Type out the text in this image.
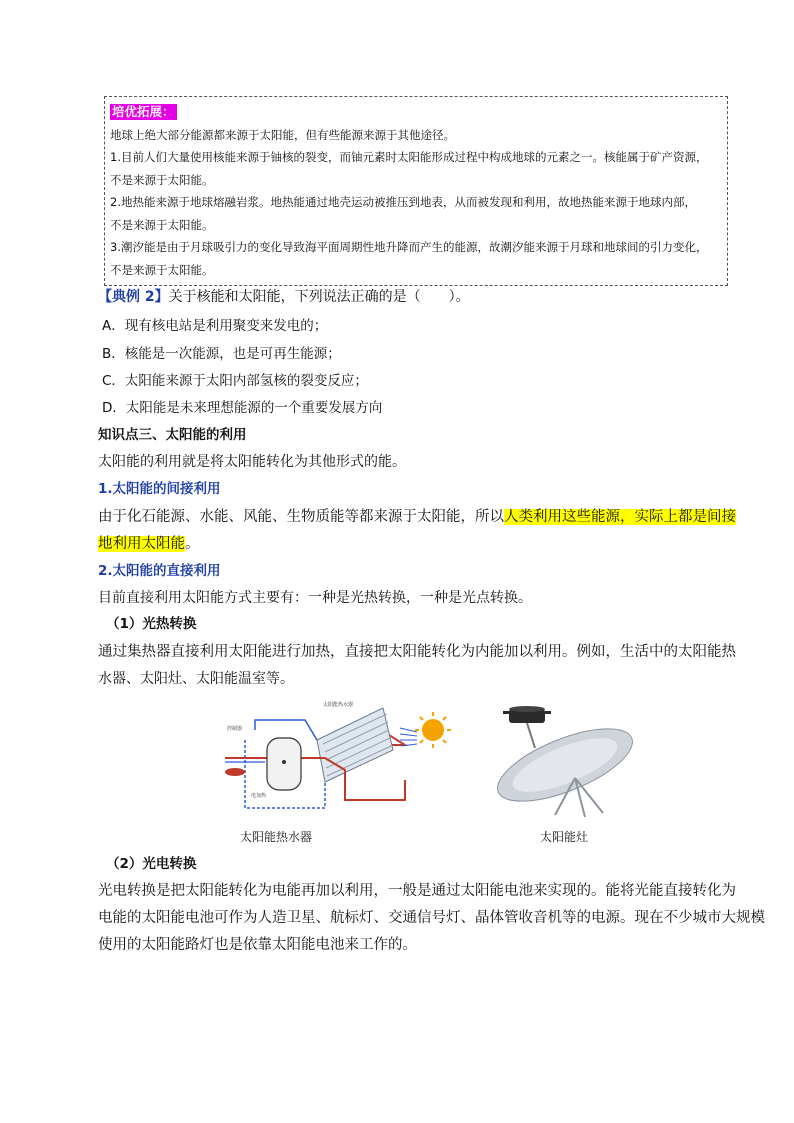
培优拓展：

地球上绝大部分能源都来源于太阳能，但有些能源来源于其他途径。

1.目前人们大量使用核能来源于铀核的裂变，而铀元素时太阳能形成过程中构成地球的元素之一。核能属于矿产资源，

不是来源于太阳能。

2.地热能来源于地球熔融岩浆。地热能通过地壳运动被推压到地表，从而被发现和利用，故地热能来源于地球内部，

不是来源于太阳能。

3.潮汐能是由于月球吸引力的变化导致海平面周期性地升降而产生的能源，故潮汐能来源于月球和地球间的引力变化，

不是来源于太阳能。

【典例 2】关于核能和太阳能，下列说法正确的是（　　）。

A．现有核电站是利用聚变来发电的；

B．核能是一次能源，也是可再生能源；

C．太阳能来源于太阳内部氢核的裂变反应；

D．太阳能是未来理想能源的一个重要发展方向

知识点三、太阳能的利用

太阳能的利用就是将太阳能转化为其他形式的能。

1.太阳能的间接利用

由于化石能源、水能、风能、生物质能等都来源于太阳能，所以人类利用这些能源，实际上都是间接

地利用太阳能。

2.太阳能的直接利用

目前直接利用太阳能方式主要有：一种是光热转换，一种是光点转换。

（1）光热转换

通过集热器直接利用太阳能进行加热，直接把太阳能转化为内能加以利用。例如，生活中的太阳能热

水器、太阳灶、太阳能温室等。

太阳能热水器
控制器
电加热
太阳能热水器	太阳能灶

（2）光电转换

光电转换是把太阳能转化为电能再加以利用，一般是通过太阳能电池来实现的。能将光能直接转化为

电能的太阳能电池可作为人造卫星、航标灯、交通信号灯、晶体管收音机等的电源。现在不少城市大规模

使用的太阳能路灯也是依靠太阳能电池来工作的。
